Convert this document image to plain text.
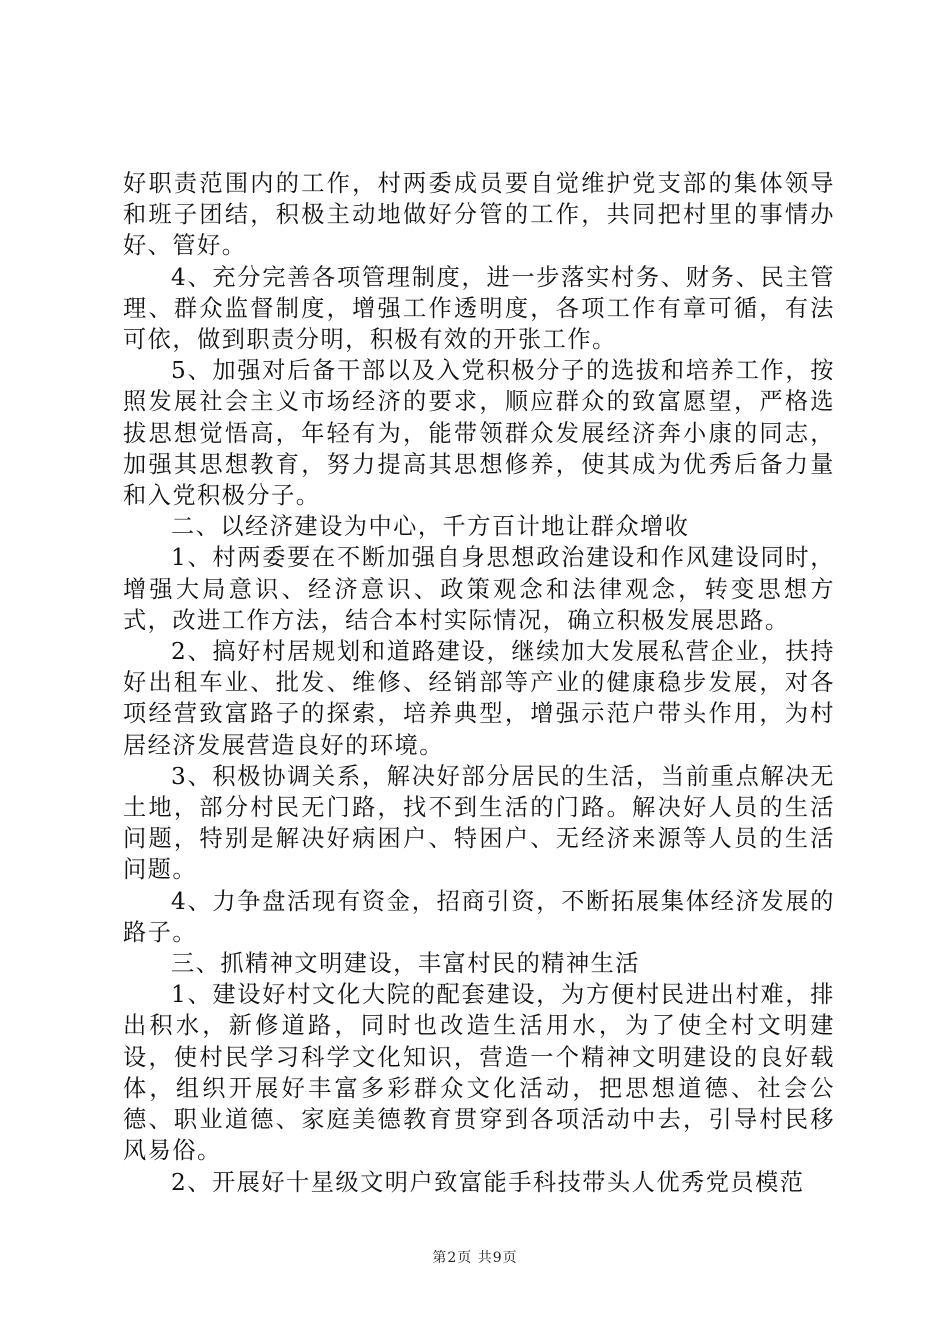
好职责范围内的工作，村两委成员要自觉维护党支部的集体领导和班子团结，积极主动地做好分管的工作，共同把村里的事情办好、管好。

4、充分完善各项管理制度，进一步落实村务、财务、民主管理、群众监督制度，增强工作透明度，各项工作有章可循，有法可依，做到职责分明，积极有效的开张工作。

5、加强对后备干部以及入党积极分子的选拔和培养工作，按照发展社会主义市场经济的要求，顺应群众的致富愿望，严格选拔思想觉悟高，年轻有为，能带领群众发展经济奔小康的同志，加强其思想教育，努力提高其思想修养，使其成为优秀后备力量和入党积极分子。

二、以经济建设为中心，千方百计地让群众增收

1、村两委要在不断加强自身思想政治建设和作风建设同时，增强大局意识、经济意识、政策观念和法律观念，转变思想方式，改进工作方法，结合本村实际情况，确立积极发展思路。

2、搞好村居规划和道路建设，继续加大发展私营企业，扶持好出租车业、批发、维修、经销部等产业的健康稳步发展，对各项经营致富路子的探索，培养典型，增强示范户带头作用，为村居经济发展营造良好的环境。

3、积极协调关系，解决好部分居民的生活，当前重点解决无土地，部分村民无门路，找不到生活的门路。解决好人员的生活问题，特别是解决好病困户、特困户、无经济来源等人员的生活问题。

4、力争盘活现有资金，招商引资，不断拓展集体经济发展的路子。

三、抓精神文明建设，丰富村民的精神生活

1、建设好村文化大院的配套建设，为方便村民进出村难，排出积水，新修道路，同时也改造生活用水，为了使全村文明建设，使村民学习科学文化知识，营造一个精神文明建设的良好载体，组织开展好丰富多彩群众文化活动，把思想道德、社会公德、职业道德、家庭美德教育贯穿到各项活动中去，引导村民移风易俗。

2、开展好十星级文明户致富能手科技带头人优秀党员模范

第2页 共9页
